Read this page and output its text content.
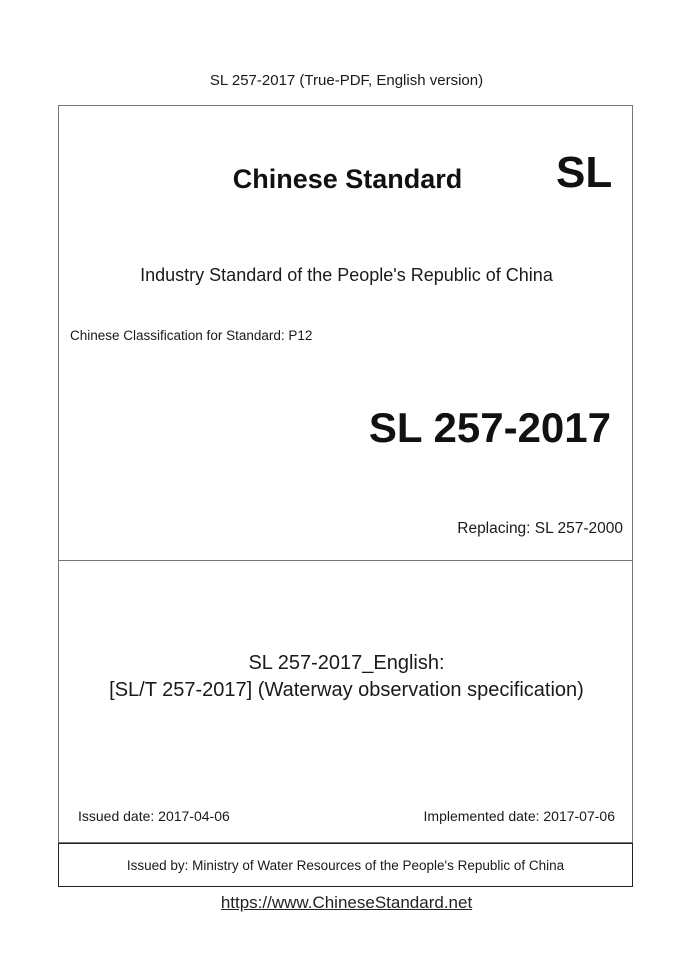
SL 257-2017 (True-PDF, English version)
Issued by: Ministry of Water Resources of the People's Republic of China
Chinese Standard	SL
Industry Standard of the People's Republic of China
Chinese Classification for Standard: P12
SL 257-2017
Replacing: SL 257-2000
SL 257-2017_English:
[SL/T 257-2017] (Waterway observation specification)
Issued date: 2017-04-06	Implemented date: 2017-07-06
https://www.ChineseStandard.net
